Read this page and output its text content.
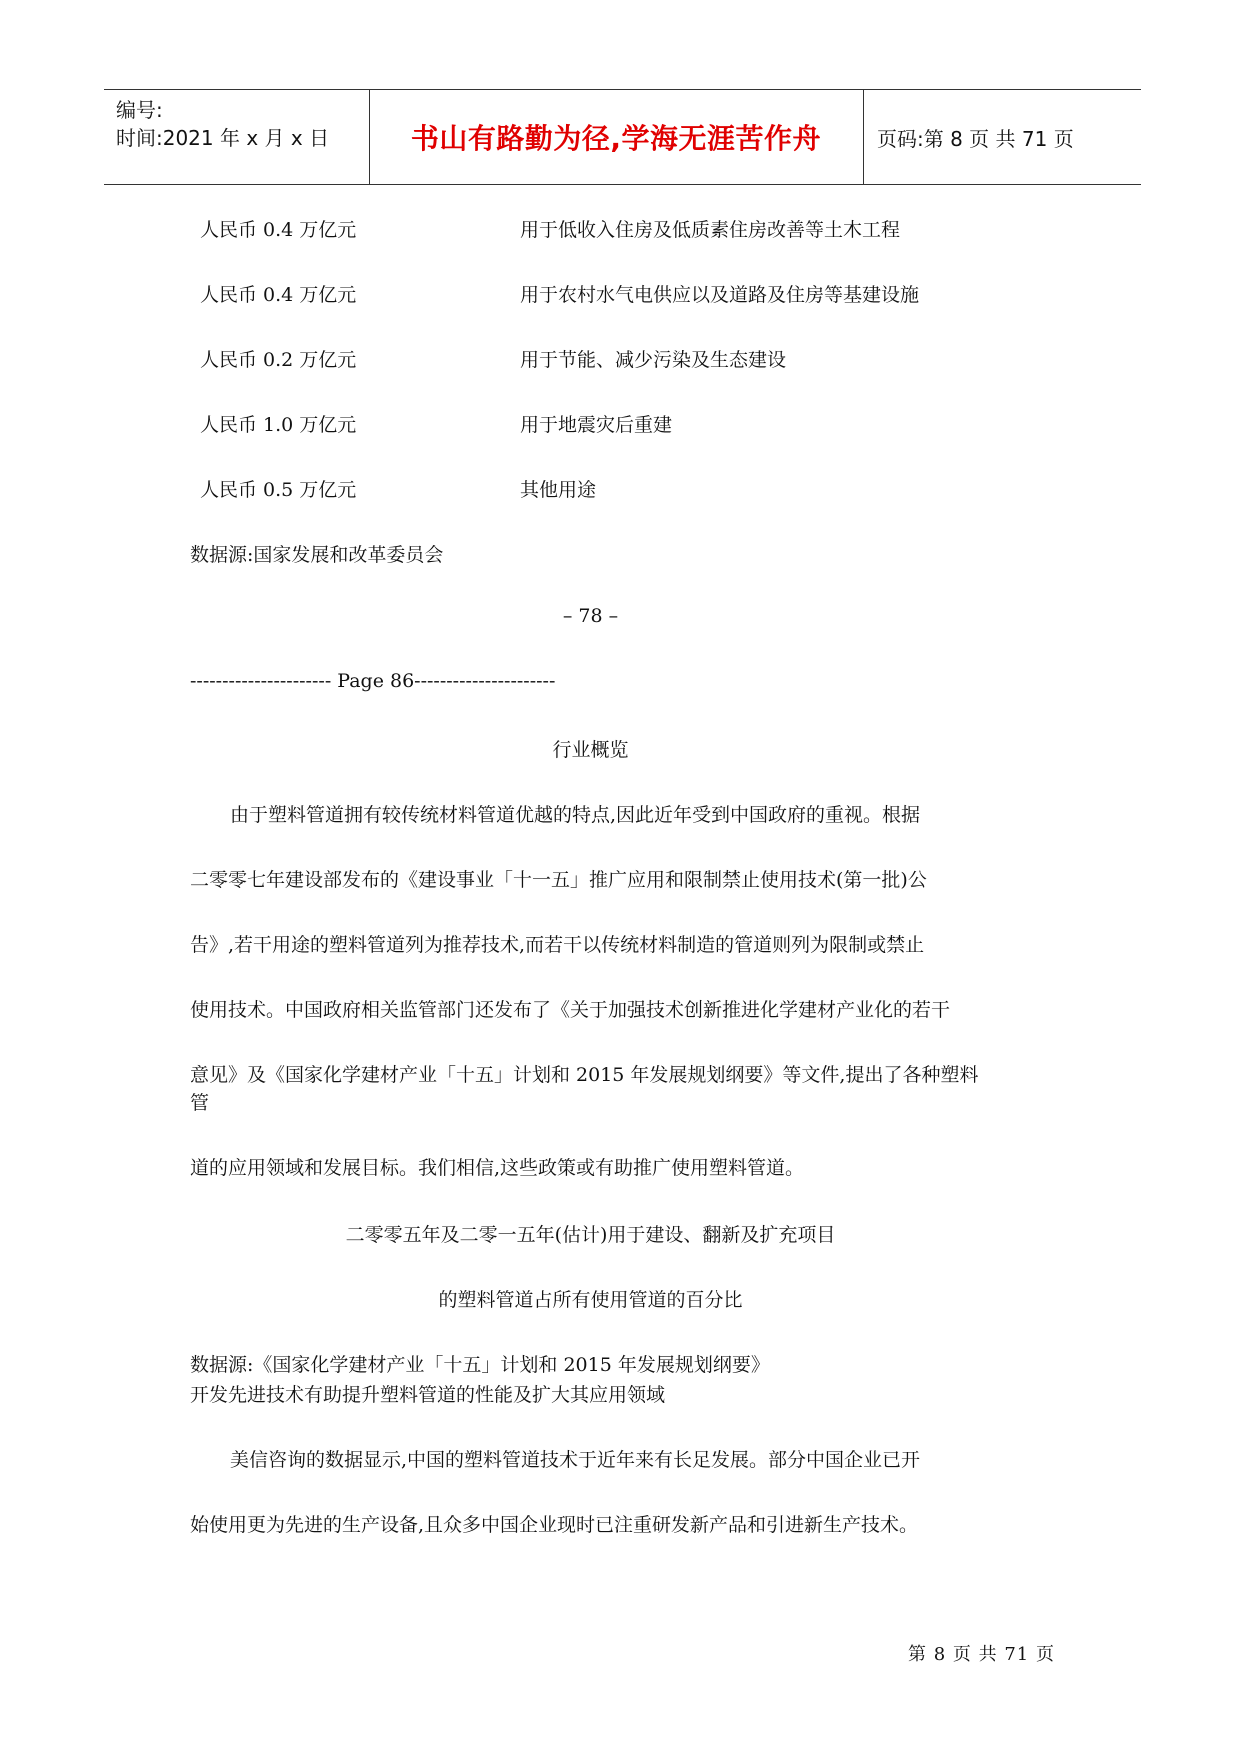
编号:
时间:2021 年 x 月 x 日	书山有路勤为径,学海无涯苦作舟	页码:第 8 页 共 71 页
人民币 0.4 万亿元	用于低收入住房及低质素住房改善等土木工程
人民币 0.4 万亿元	用于农村水气电供应以及道路及住房等基建设施
人民币 0.2 万亿元	用于节能、减少污染及生态建设
人民币 1.0 万亿元	用于地震灾后重建
人民币 0.5 万亿元	其他用途
数据源:国家发展和改革委员会
– 78 –
---------------------- Page 86----------------------
行业概览
由于塑料管道拥有较传统材料管道优越的特点,因此近年受到中国政府的重视。根据
二零零七年建设部发布的《建设事业「十一五」推广应用和限制禁止使用技术(第一批)公
告》,若干用途的塑料管道列为推荐技术,而若干以传统材料制造的管道则列为限制或禁止
使用技术。中国政府相关监管部门还发布了《关于加强技术创新推进化学建材产业化的若干
意见》及《国家化学建材产业「十五」计划和 2015 年发展规划纲要》等文件,提出了各种塑料
管
道的应用领域和发展目标。我们相信,这些政策或有助推广使用塑料管道。
二零零五年及二零一五年(估计)用于建设、翻新及扩充项目
的塑料管道占所有使用管道的百分比
数据源:《国家化学建材产业「十五」计划和 2015 年发展规划纲要》
开发先进技术有助提升塑料管道的性能及扩大其应用领域
美信咨询的数据显示,中国的塑料管道技术于近年来有长足发展。部分中国企业已开
始使用更为先进的生产设备,且众多中国企业现时已注重研发新产品和引进新生产技术。
第 8 页 共 71 页
